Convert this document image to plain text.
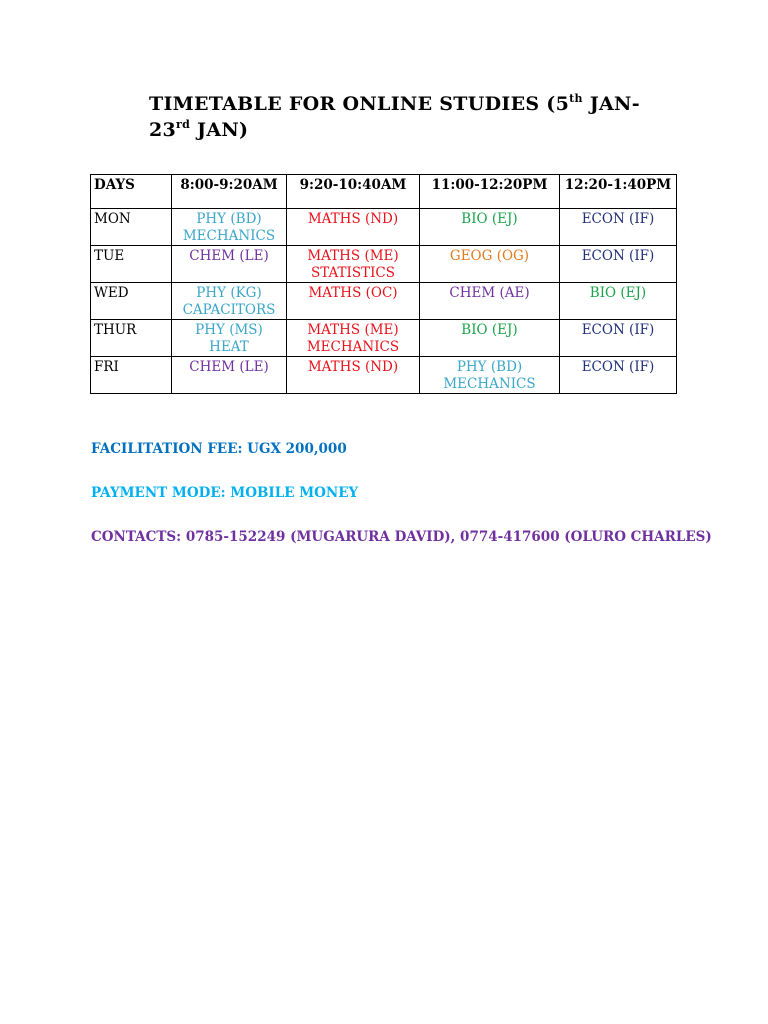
TIMETABLE FOR ONLINE STUDIES (5th JAN-
23rd JAN)
DAYS	8:00-9:20AM	9:20-10:40AM	11:00-12:20PM	12:20-1:40PM
MON	PHY (BD)
MECHANICS	MATHS (ND)	BIO (EJ)	ECON (IF)

TUE	CHEM (LE)	MATHS (ME)
STATISTICS	GEOG (OG)	ECON (IF)

WED	PHY (KG)
CAPACITORS	MATHS (OC)	CHEM (AE)	BIO (EJ)

THUR	PHY (MS)
HEAT	MATHS (ME)
MECHANICS	BIO (EJ)	ECON (IF)

FRI	CHEM (LE)	MATHS (ND)	PHY (BD)
MECHANICS	ECON (IF)
FACILITATION FEE: UGX 200,000
PAYMENT MODE: MOBILE MONEY
CONTACTS: 0785-152249 (MUGARURA DAVID), 0774-417600 (OLURO CHARLES)
